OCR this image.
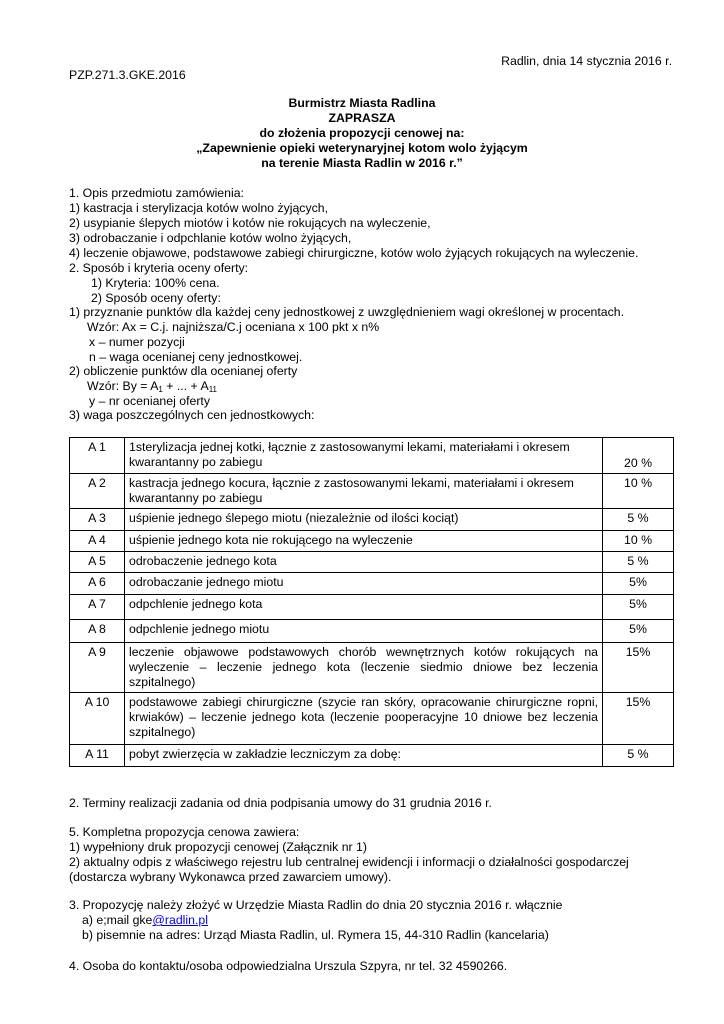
Radlin, dnia 14 stycznia 2016 r.
PZP.271.3.GKE.2016
Burmistrz Miasta Radlina
ZAPRASZA
do złożenia propozycji cenowej na:
„Zapewnienie opieki weterynaryjnej kotom wolo żyjącym
na terenie Miasta Radlin w 2016 r.”
1. Opis przedmiotu zamówienia:
1) kastracja i sterylizacja kotów wolno żyjących,
2) usypianie ślepych miotów i kotów nie rokujących na wyleczenie,
3) odrobaczanie i odpchlanie kotów wolno żyjących,
4) leczenie objawowe, podstawowe zabiegi chirurgiczne, kotów wolo żyjących rokujących na wyleczenie.
2. Sposób i kryteria oceny oferty:
1) Kryteria: 100% cena.
2) Sposób oceny oferty:
1) przyznanie punktów dla każdej ceny jednostkowej z uwzględnieniem wagi określonej w procentach.
Wzór: Ax = C.j. najniższa/C.j oceniana x 100 pkt x n%
x – numer pozycji
n – waga ocenianej ceny jednostkowej.
2) obliczenie punktów dla ocenianej oferty
Wzór: $By = A_1$ + ... + $A_{11}$
y – nr ocenianej oferty
3) waga poszczególnych cen jednostkowych:
A 1	1sterylizacja jednej kotki, łącznie z zastosowanymi lekami, materiałami i okresem kwarantanny po zabiegu	20 %
A 2	kastracja jednego kocura, łącznie z zastosowanymi lekami, materiałami i okresem kwarantanny po zabiegu	10 %
A 3	uśpienie jednego ślepego miotu (niezależnie od ilości kociąt)	5 %
A 4	uśpienie jednego kota nie rokującego na wyleczenie	10 %
A 5	odrobaczenie jednego kota	5 %
A 6	odrobaczanie jednego miotu	5%
A 7	odpchlenie jednego kota	5%
A 8	odpchlenie jednego miotu	5%
A 9	leczenie objawowe podstawowych chorób wewnętrznych kotów rokujących na wyleczenie – leczenie jednego kota (leczenie siedmio dniowe bez leczenia szpitalnego)	15%
A 10	podstawowe zabiegi chirurgiczne (szycie ran skóry, opracowanie chirurgiczne ropni, krwiaków) – leczenie jednego kota (leczenie pooperacyjne 10 dniowe bez leczenia szpitalnego)	15%
A 11	pobyt zwierzęcia w zakładzie leczniczym za dobę:	5 %
2. Terminy realizacji zadania od dnia podpisania umowy do 31 grudnia 2016 r.
5. Kompletna propozycja cenowa zawiera:
1) wypełniony druk propozycji cenowej (Załącznik nr 1)
2) aktualny odpis z właściwego rejestru lub centralnej ewidencji i informacji o działalności gospodarczej
(dostarcza wybrany Wykonawca przed zawarciem umowy).
3. Propozycję należy złożyć w Urzędzie Miasta Radlin do dnia 20 stycznia 2016 r. włącznie
a) e;mail gke@radlin.pl
b) pisemnie na adres: Urząd Miasta Radlin, ul. Rymera 15, 44-310 Radlin (kancelaria)
4. Osoba do kontaktu/osoba odpowiedzialna Urszula Szpyra, nr tel. 32 4590266.
